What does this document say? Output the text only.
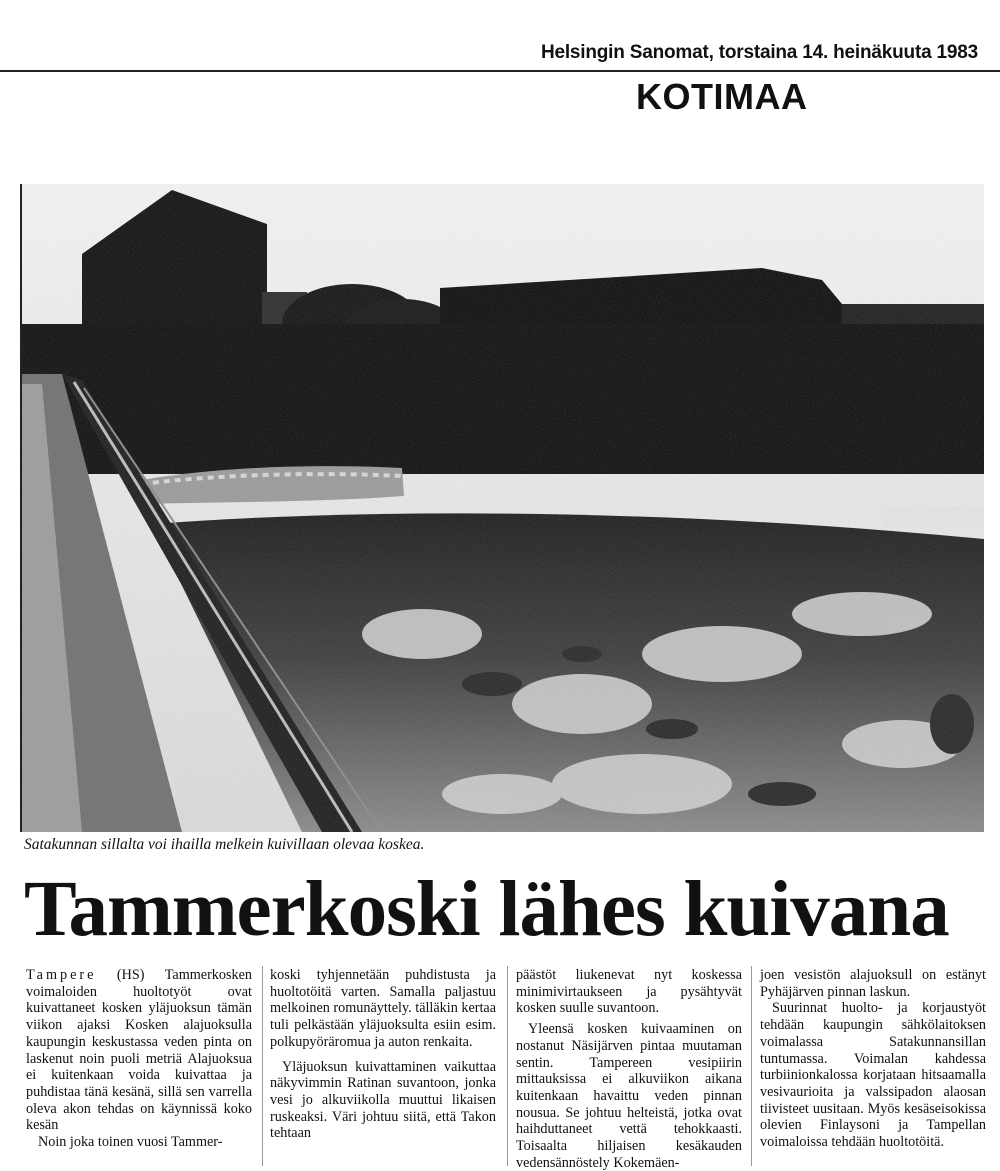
Helsingin Sanomat, torstaina 14. heinäkuuta 1983
KOTIMAA
Satakunnan sillalta voi ihailla melkein kuivillaan olevaa koskea.
Tammerkoski lähes kuivana

Tampere (HS) Tammerkosken voimaloiden huoltotyöt ovat kuivattaneet kosken yläjuoksun tämän viikon ajaksi Kosken alajuoksulla kaupungin keskustassa veden pinta on laskenut noin puoli metriä Alajuoksua ei kuitenkaan voida kuivattaa ja puhdistaa tänä kesänä, sillä sen varrella oleva akon tehdas on käynnissä koko kesän

Noin joka toinen vuosi Tammer-

koski tyhjennetään puhdistusta ja huoltotöitä varten. Samalla paljastuu melkoinen romunäyttely. tälläkin kertaa tuli pelkästään yläjuoksulta esiin esim. polkupyöräromua ja auton renkaita.

Yläjuoksun kuivattaminen vaikuttaa näkyvimmin Ratinan suvantoon, jonka vesi jo alkuviikolla muuttui likaisen ruskeaksi. Väri johtuu siitä, että Takon tehtaan

päästöt liukenevat nyt koskessa minimivirtaukseen ja pysähtyvät kosken suulle suvantoon.

Yleensä kosken kuivaaminen on nostanut Näsijärven pintaa muutaman sentin. Tampereen vesipiirin mittauksissa ei alkuviikon aikana kuitenkaan havaittu veden pinnan nousua. Se johtuu helteistä, jotka ovat haihduttaneet vettä tehokkaasti. Toisaalta hiljaisen kesäkauden vedensännöstely Kokemäen-

joen vesistön alajuoksull on estänyt Pyhäjärven pinnan laskun.

Suurinnat huolto- ja korjaustyöt tehdään kaupungin sähkölaitoksen voimalassa Satakunnansillan tuntumassa. Voimalan kahdessa turbiinionkalossa korjataan hitsaamalla vesivaurioita ja valssipadon alaosan tiivisteet uusitaan. Myös kesäseisokissa olevien Finlaysoni ja Tampellan voimaloissa tehdään huoltotöitä.
